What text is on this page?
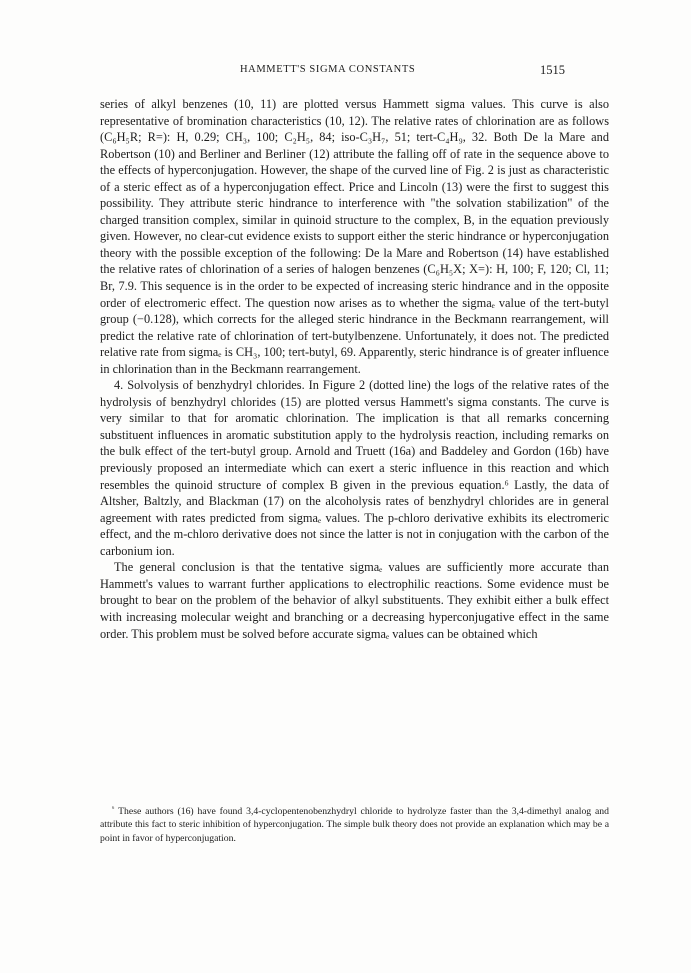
HAMMETT'S SIGMA CONSTANTS	1515

series of alkyl benzenes (10, 11) are plotted versus Hammett sigma values. This curve is also representative of bromination characteristics (10, 12). The relative rates of chlorination are as follows (C₆H₅R; R=): H, 0.29; CH₃, 100; C₂H₅, 84; iso-C₃H₇, 51; tert-C₄H₉, 32. Both De la Mare and Robertson (10) and Berliner and Berliner (12) attribute the falling off of rate in the sequence above to the effects of hyperconjugation. However, the shape of the curved line of Fig. 2 is just as characteristic of a steric effect as of a hyperconjugation effect. Price and Lincoln (13) were the first to suggest this possibility. They attribute steric hindrance to interference with "the solvation stabilization" of the charged transition complex, similar in quinoid structure to the complex, B, in the equation previously given. However, no clear-cut evidence exists to support either the steric hindrance or hyperconjugation theory with the possible exception of the following: De la Mare and Robertson (14) have established the relative rates of chlorination of a series of halogen benzenes (C₆H₅X; X=): H, 100; F, 120; Cl, 11; Br, 7.9. This sequence is in the order to be expected of increasing steric hindrance and in the opposite order of electromeric effect. The question now arises as to whether the sigmaₑ value of the tert-butyl group (−0.128), which corrects for the alleged steric hindrance in the Beckmann rearrangement, will predict the relative rate of chlorination of tert-butylbenzene. Unfortunately, it does not. The predicted relative rate from sigmaₑ is CH₃, 100; tert-butyl, 69. Apparently, steric hindrance is of greater influence in chlorination than in the Beckmann rearrangement.

4. Solvolysis of benzhydryl chlorides. In Figure 2 (dotted line) the logs of the relative rates of the hydrolysis of benzhydryl chlorides (15) are plotted versus Hammett's sigma constants. The curve is very similar to that for aromatic chlorination. The implication is that all remarks concerning substituent influences in aromatic substitution apply to the hydrolysis reaction, including remarks on the bulk effect of the tert-butyl group. Arnold and Truett (16a) and Baddeley and Gordon (16b) have previously proposed an intermediate which can exert a steric influence in this reaction and which resembles the quinoid structure of complex B given in the previous equation.⁶ Lastly, the data of Altsher, Baltzly, and Blackman (17) on the alcoholysis rates of benzhydryl chlorides are in general agreement with rates predicted from sigmaₑ values. The p-chloro derivative exhibits its electromeric effect, and the m-chloro derivative does not since the latter is not in conjugation with the carbon of the carbonium ion.

The general conclusion is that the tentative sigmaₑ values are sufficiently more accurate than Hammett's values to warrant further applications to electrophilic reactions. Some evidence must be brought to bear on the problem of the behavior of alkyl substituents. They exhibit either a bulk effect with increasing molecular weight and branching or a decreasing hyperconjugative effect in the same order. This problem must be solved before accurate sigmaₑ values can be obtained which

$^{^6}$ These authors (16) have found 3,4-cyclopentenobenzhydryl chloride to hydrolyze faster than the 3,4-dimethyl analog and attribute this fact to steric inhibition of hyperconjugation. The simple bulk theory does not provide an explanation which may be a point in favor of hyperconjugation.
